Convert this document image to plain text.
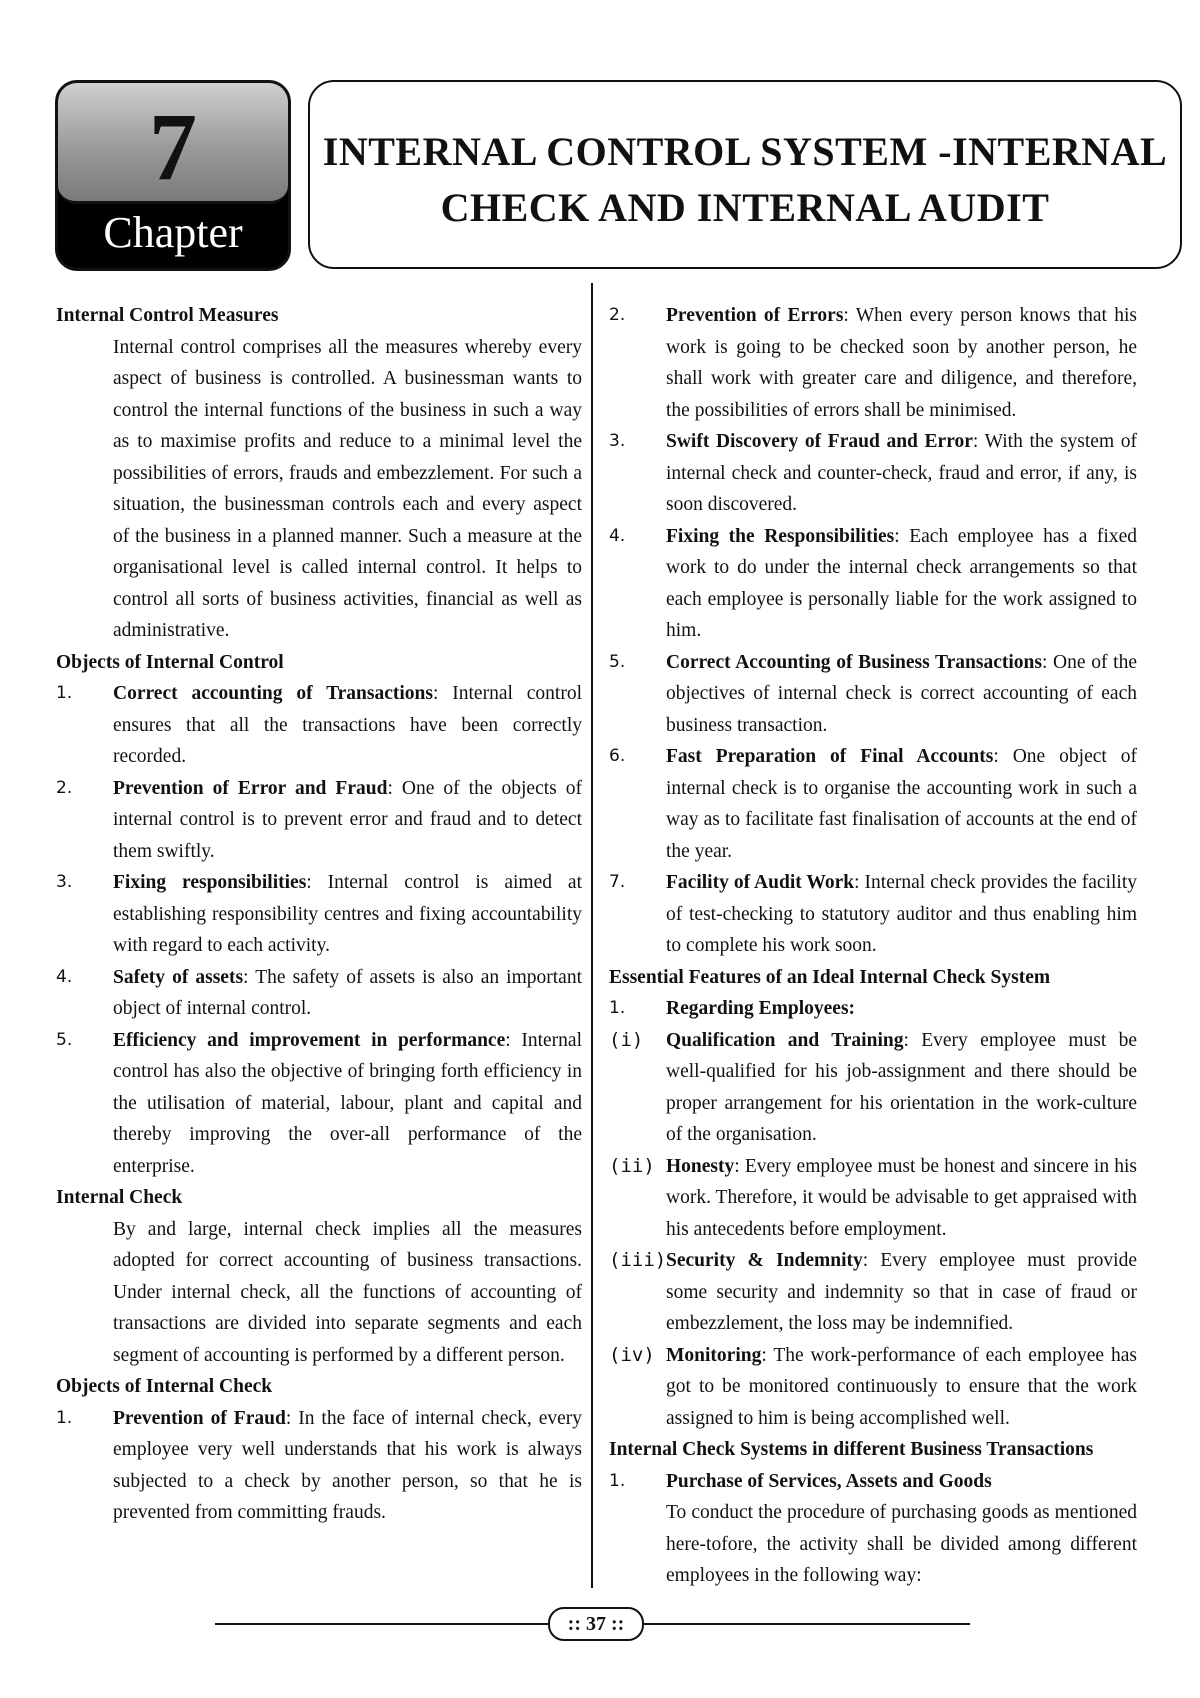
7
Chapter
INTERNAL CONTROL SYSTEM -INTERNAL
CHECK AND INTERNAL AUDIT
Internal Control Measures
Internal control comprises all the measures whereby every aspect of business is controlled. A businessman wants to control the internal functions of the business in such a way as to maximise profits and reduce to a minimal level the possibilities of errors, frauds and embezzlement. For such a situation, the businessman controls each and every aspect of the business in a planned manner. Such a measure at the organisational level is called internal control. It helps to control all sorts of business activities, financial as well as administrative.
Objects of Internal Control
1. Correct accounting of Transactions: Internal control ensures that all the transactions have been correctly recorded.
2. Prevention of Error and Fraud: One of the objects of internal control is to prevent error and fraud and to detect them swiftly.
3. Fixing responsibilities: Internal control is aimed at establishing responsibility centres and fixing accountability with regard to each activity.
4. Safety of assets: The safety of assets is also an important object of internal control.
5. Efficiency and improvement in performance: Internal control has also the objective of bringing forth efficiency in the utilisation of material, labour, plant and capital and thereby improving the over-all performance of the enterprise.
Internal Check
By and large, internal check implies all the measures adopted for correct accounting of business transactions. Under internal check, all the functions of accounting of transactions are divided into separate segments and each segment of accounting is performed by a different person.
Objects of Internal Check
1. Prevention of Fraud: In the face of internal check, every employee very well understands that his work is always subjected to a check by another person, so that he is prevented from committing frauds.
2. Prevention of Errors: When every person knows that his work is going to be checked soon by another person, he shall work with greater care and diligence, and therefore, the possibilities of errors shall be minimised.
3. Swift Discovery of Fraud and Error: With the system of internal check and counter-check, fraud and error, if any, is soon discovered.
4. Fixing the Responsibilities: Each employee has a fixed work to do under the internal check arrangements so that each employee is personally liable for the work assigned to him.
5. Correct Accounting of Business Transactions: One of the objectives of internal check is correct accounting of each business transaction.
6. Fast Preparation of Final Accounts: One object of internal check is to organise the accounting work in such a way as to facilitate fast finalisation of accounts at the end of the year.
7. Facility of Audit Work: Internal check provides the facility of test-checking to statutory auditor and thus enabling him to complete his work soon.
Essential Features of an Ideal Internal Check System
1. Regarding Employees:
(i) Qualification and Training: Every employee must be well-qualified for his job-assignment and there should be proper arrangement for his orientation in the work-culture of the organisation.
(ii) Honesty: Every employee must be honest and sincere in his work. Therefore, it would be advisable to get appraised with his antecedents before employment.
(iii) Security & Indemnity: Every employee must provide some security and indemnity so that in case of fraud or embezzlement, the loss may be indemnified.
(iv) Monitoring: The work-performance of each employee has got to be monitored continuously to ensure that the work assigned to him is being accomplished well.
Internal Check Systems in different Business Transactions
1. Purchase of Services, Assets and Goods
To conduct the procedure of purchasing goods as mentioned here-tofore, the activity shall be divided among different employees in the following way:
:: 37 ::
